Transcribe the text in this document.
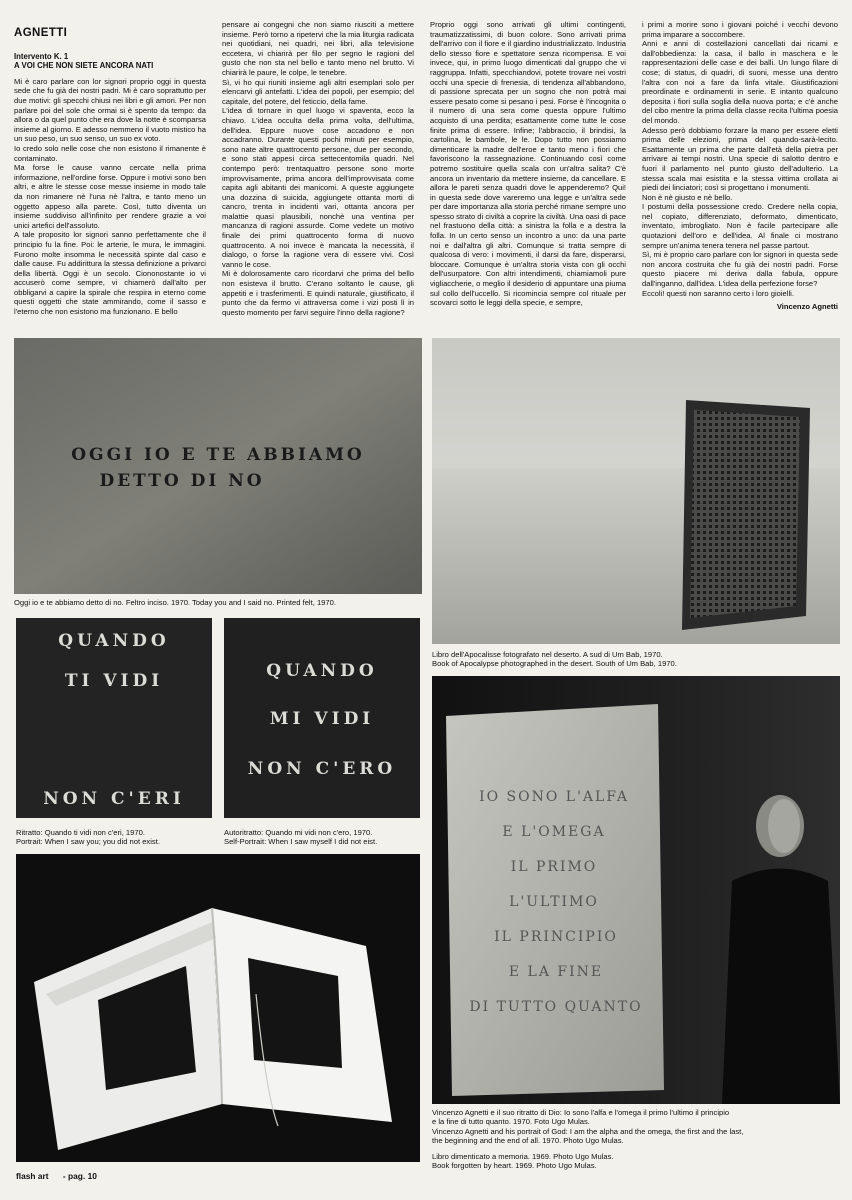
AGNETTI

Intervento K. 1

A VOI CHE NON SIETE ANCORA NATI

Mi è caro parlare con lor signori proprio oggi in questa sede che fu già dei nostri padri. Mi è caro soprattutto per due motivi: gli specchi chiusi nei libri e gli amori. Per non parlare poi del sole che ormai si è spento da tempo: da allora o da quel punto che era dove la notte è scomparsa insieme al giorno. E adesso nemmeno il vuoto mistico ha un suo peso, un suo senso, un suo ex voto.

Io credo solo nelle cose che non esistono il rimanente è contaminato.

Ma forse le cause vanno cercate nella prima informazione, nell'ordine forse. Oppure i motivi sono ben altri, e altre le stesse cose messe insieme in modo tale da non rimanere nè l'una nè l'altra, e tanto meno un oggetto appeso alla parete. Così, tutto diventa un insieme suddiviso all'infinito per rendere grazie a voi unici artefici dell'assoluto.

A tale proposito lor signori sanno perfettamente che il principio fu la fine. Poi: le arterie, le mura, le immagini. Furono molte insomma le necessità spinte dal caso e dalle cause. Fu addirittura la stessa definizione a privarci della libertà. Oggi è un secolo. Ciononostante io vi accuserò come sempre, vi chiamerò dall'alto per obbligarvi a capire la spirale che respira in eterno come questi oggetti che state ammirando, come il sasso e l'eterno che non esistono ma funzionano. E bello

pensare ai congegni che non siamo riusciti a mettere insieme. Però torno a ripetervi che la mia liturgia radicata nei quotidiani, nei quadri, nei libri, alla televisione eccetera, vi chiarirà per filo per segno le ragioni del gusto che non sta nel bello e tanto meno nel brutto. Vi chiarirà le paure, le colpe, le tenebre.

Sì, vi ho qui riuniti insieme agli altri esemplari solo per elencarvi gli antefatti. L'idea dei popoli, per esempio; del capitale, del potere, del feticcio, della fame.

L'idea di tornare in quel luogo vi spaventa, ecco la chiavo. L'idea occulta della prima volta, dell'ultima, dell'idea. Eppure nuove cose accadono e non accadranno. Durante questi pochi minuti per esempio, sono nate altre quattrocento persone, due per secondo, e sono stati appesi circa settecentomila quadri. Nel contempo però: trentaquattro persone sono morte improvvisamente, prima ancora dell'improvvisata come capita agli abitanti dei manicomi. A queste aggiungete una dozzina di suicida, aggiungete ottanta morti di cancro, trenta in incidenti vari, ottanta ancora per malattie quasi plausibili, nonchè una ventina per mancanza di ragioni assurde. Come vedete un motivo finale dei primi quattrocento forma di nuovo quattrocento. A noi invece è mancata la necessità, il dialogo, o forse la ragione vera di essere vivi. Così vanno le cose.

Mi è dolorosamente caro ricordarvi che prima del bello non esisteva il brutto. C'erano soltanto le cause, gli appetiti e i trasferimenti. E quindi naturale, giustificato, il punto che da fermo vi attraversa come i vizi posti lì in questo momento per farvi seguire l'inno della ragione?

Proprio oggi sono arrivati gli ultimi contingenti, traumatizzatissimi, di buon colore. Sono arrivati prima dell'arrivo con il fiore e il giardino industrializzato. Industria dello stesso fiore e spettatore senza ricompensa. E voi invece, qui, in primo luogo dimenticati dal gruppo che vi raggruppa. Infatti, specchiandovi, potete trovare nei vostri occhi una specie di frenesia, di tendenza all'abbandono, di passione sprecata per un sogno che non potrà mai essere pesato come si pesano i pesi. Forse è l'incognita o il numero di una sera come questa oppure l'ultimo acquisto di una perdita; esattamente come tutte le cose finite prima di essere. Infine; l'abbraccio, il brindisi, la cartolina, le bambole, le le. Dopo tutto non possiamo dimenticare la madre dell'eroe e tanto meno i fiori che favoriscono la rassegnazione. Continuando così come potremo sostituire quella scala con un'altra salita? C'è ancora un inventario da mettere insieme, da cancellare. E allora le pareti senza quadri dove le appenderemo? Qui! in questa sede dove vareremo una legge e un'altra sede per dare importanza alla storia perché rimane sempre uno spesso strato di civiltà a coprire la civiltà. Una oasi di pace nel frastuono della città: a sinistra la folla e a destra la folla. In un certo senso un incontro a uno: da una parte noi e dall'altra gli altri. Comunque si tratta sempre di qualcosa di vero: i movimenti, il darsi da fare, disperarsi, bloccare. Comunque è un'altra storia vista con gli occhi dell'usurpatore. Con altri intendimenti, chiamiamoli pure vigliaccherie, o meglio il desiderio di appuntare una piuma sul collo dell'uccello. Si ricomincia sempre col rituale per scovarci sotto le leggi della specie, e sempre,

i primi a morire sono i giovani poiché i vecchi devono prima imparare a soccombere.

Anni e anni di costellazioni cancellati dai ricami e dall'obbedienza: la casa, il ballo in maschera e le rappresentazioni delle case e dei balli. Un lungo filare di cose; di status, di quadri, di suoni, messe una dentro l'altra con noi a fare da linfa vitale. Giustificazioni preordinate e ordinamenti in serie. E intanto qualcuno deposita i fiori sulla soglia della nuova porta; e c'è anche del cibo mentre la prima della classe recita l'ultima poesia del mondo.

Adesso però dobbiamo forzare la mano per essere eletti prima delle elezioni, prima del quando-sarà-lecito. Esattamente un prima che parte dall'età della pietra per arrivare ai tempi nostri. Una specie di salotto dentro e fuori il parlamento nel punto giusto dell'adulterio. La stessa scala mai esistita e la stessa vittima crollata ai piedi dei linciatori; così si progettano i monumenti.

Non è nè giusto e nè bello.

I postumi della possessione credo. Credere nella copia, nel copiato, differenziato, deformato, dimenticato, inventato, imbrogliato. Non è facile partecipare alle quotazioni dell'oro e dell'idea. Al finale ci mostrano sempre un'anima tenera tenera nel passe partout.

Sì, mi è proprio caro parlare con lor signori in questa sede non ancora costruita che fu già dei nostri padri. Forse questo piacere mi deriva dalla fabula, oppure dall'inganno, dall'idea. L'idea della perfezione forse?

Eccoli! questi non saranno certo i loro gioielli.

Vincenzo Agnetti

OGGI IO E TE ABBIAMO
DETTO DI NO
Oggi io e te abbiamo detto di no. Feltro inciso. 1970. Today you and I said no. Printed felt, 1970.
Libro dell'Apocalisse fotografato nel deserto. A sud di Um Bab, 1970.
Book of Apocalypse photographed in the desert. South of Um Bab, 1970.
QUANDO
TI VIDI
NON C'ERI
Ritratto: Quando ti vidi non c'eri, 1970.
Portrait: When I saw you; you did not exist.
QUANDO
MI VIDI
NON C'ERO
Autoritratto: Quando mi vidi non c'ero, 1970.
Self-Portrait: When I saw myself I did not eist.
IO SONO L'ALFA
E L'OMEGA
IL PRIMO
L'ULTIMO
IL PRINCIPIO
E LA FINE
DI TUTTO QUANTO
Vincenzo Agnetti e il suo ritratto di Dio: Io sono l'alfa e l'omega il primo l'ultimo il principio
e la fine di tutto quanto. 1970. Foto Ugo Mulas.
Vincenzo Agnetti and his portrait of God: I am the alpha and the omega, the first and the last,
the beginning and the end of all. 1970. Photo Ugo Mulas.
Libro dimenticato a memoria. 1969. Photo Ugo Mulas.
Book forgotten by heart. 1969. Photo Ugo Mulas.
flash art - pag. 10
